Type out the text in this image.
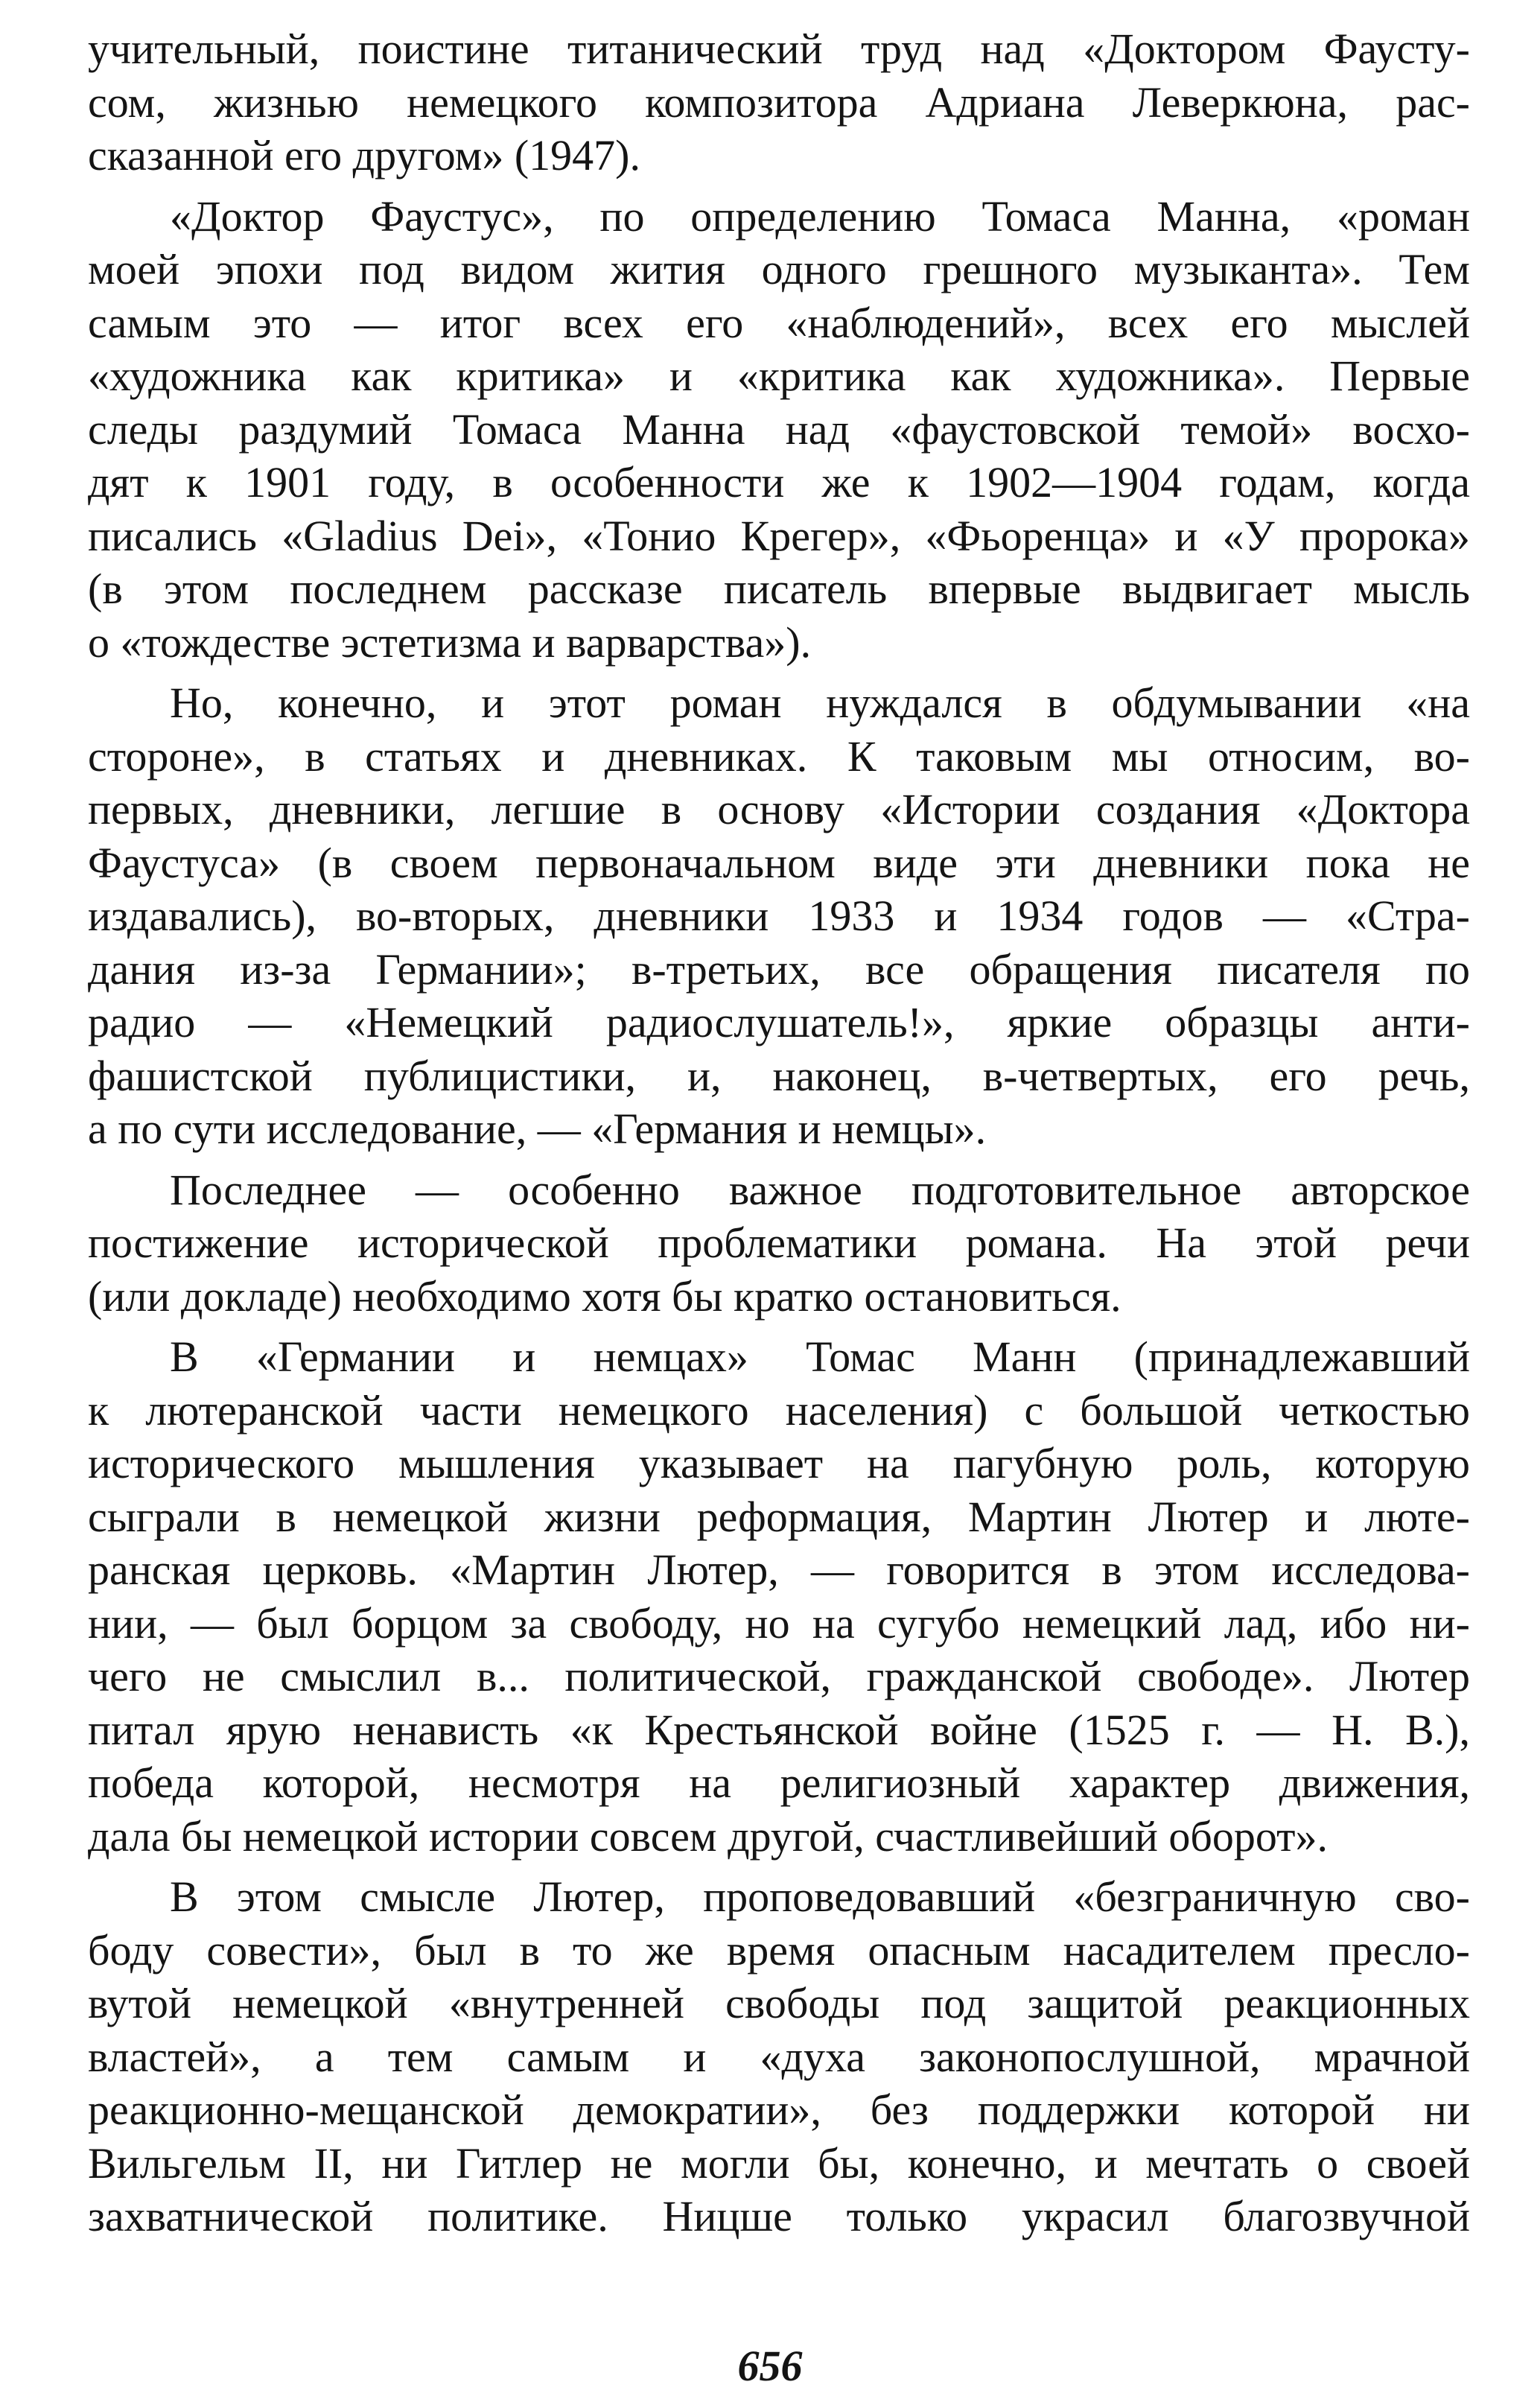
учительный, поистине титанический труд над «Доктором Фаусту-
сом, жизнью немецкого композитора Адриана Леверкюна, рас-
сказанной его другом» (1947).
«Доктор Фаустус», по определению Томаса Манна, «роман
моей эпохи под видом жития одного грешного музыканта». Тем
самым это — итог всех его «наблюдений», всех его мыслей
«художника как критика» и «критика как художника». Первые
следы раздумий Томаса Манна над «фаустовской темой» восхо-
дят к 1901 году, в особенности же к 1902—1904 годам, когда
писались «Gladius Dei», «Тонио Крегер», «Фьоренца» и «У пророка»
(в этом последнем рассказе писатель впервые выдвигает мысль
о «тождестве эстетизма и варварства»).
Но, конечно, и этот роман нуждался в обдумывании «на
стороне», в статьях и дневниках. К таковым мы относим, во-
первых, дневники, легшие в основу «Истории создания «Доктора
Фаустуса» (в своем первоначальном виде эти дневники пока не
издавались), во-вторых, дневники 1933 и 1934 годов — «Стра-
дания из-за Германии»; в-третьих, все обращения писателя по
радио — «Немецкий радиослушатель!», яркие образцы анти-
фашистской публицистики, и, наконец, в-четвертых, его речь,
а по сути исследование, — «Германия и немцы».
Последнее — особенно важное подготовительное авторское
постижение исторической проблематики романа. На этой речи
(или докладе) необходимо хотя бы кратко остановиться.
В «Германии и немцах» Томас Манн (принадлежавший
к лютеранской части немецкого населения) с большой четкостью
исторического мышления указывает на пагубную роль, которую
сыграли в немецкой жизни реформация, Мартин Лютер и люте-
ранская церковь. «Мартин Лютер, — говорится в этом исследова-
нии, — был борцом за свободу, но на сугубо немецкий лад, ибо ни-
чего не смыслил в... политической, гражданской свободе». Лютер
питал ярую ненависть «к Крестьянской войне (1525 г. — Н. В.),
победа которой, несмотря на религиозный характер движения,
дала бы немецкой истории совсем другой, счастливейший оборот».
В этом смысле Лютер, проповедовавший «безграничную сво-
боду совести», был в то же время опасным насадителем пресло-
вутой немецкой «внутренней свободы под защитой реакционных
властей», а тем самым и «духа законопослушной, мрачной
реакционно-мещанской демократии», без поддержки которой ни
Вильгельм II, ни Гитлер не могли бы, конечно, и мечтать о своей
захватнической политике. Ницше только украсил благозвучной
656
